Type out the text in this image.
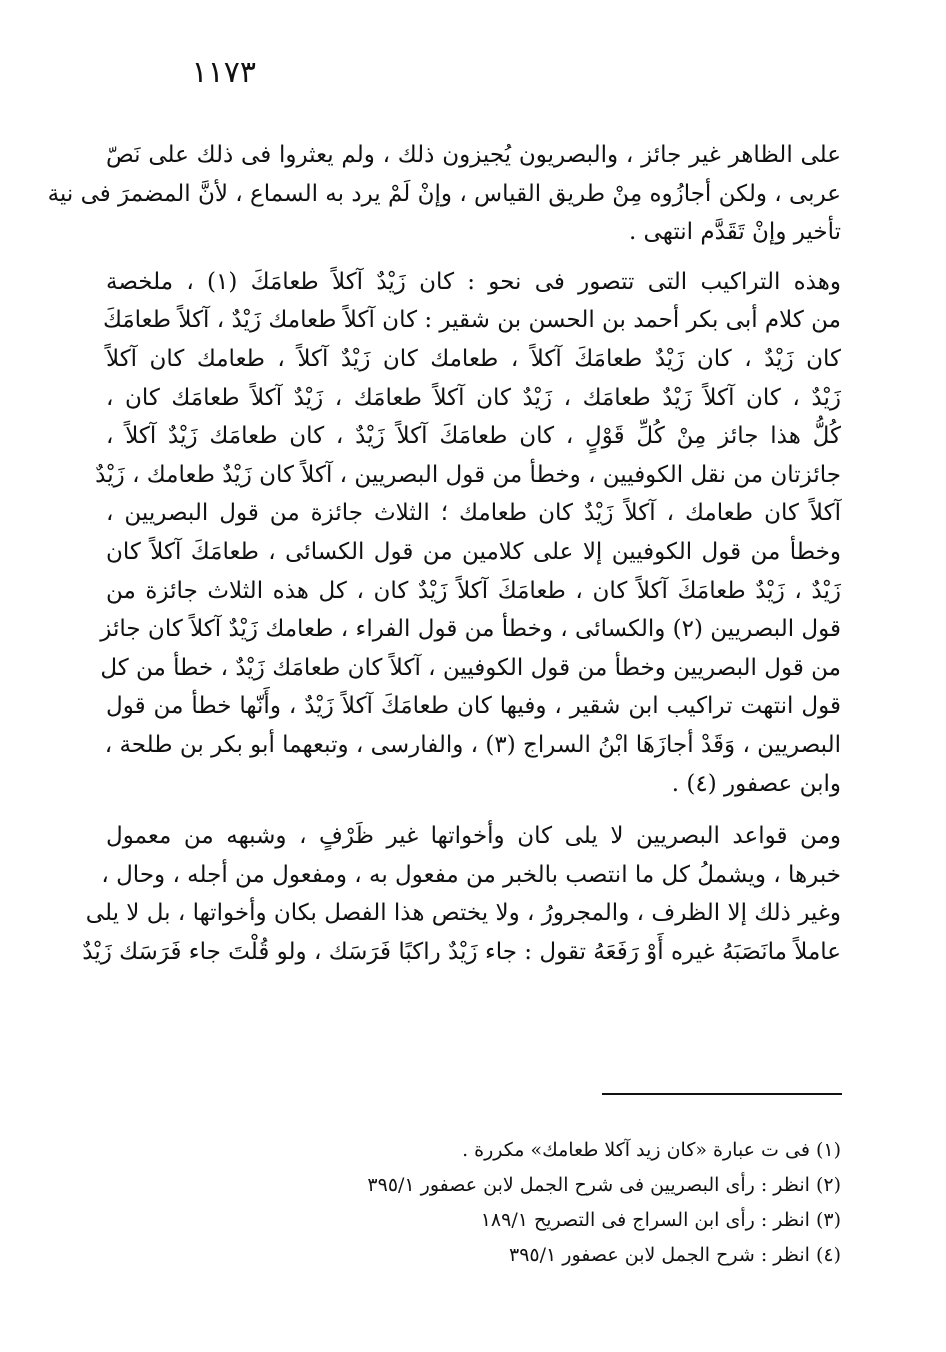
١١٧٣

على الظاهر غير جائز ، والبصريون يُجيزون ذلك ، ولم يعثروا فى ذلك على نَصّ
عربى ، ولكن أجازُوه مِنْ طريق القياس ، وإنْ لَمْ يرد به السماع ، لأنَّ المضمرَ فى نية
تأخير وإنْ تَقَدَّم انتهى .

وهذه التراكيب التى تتصور فى نحو : كان زَيْدٌ آكلاً طعامَكَ (١) ، ملخصة
من كلام أبى بكر أحمد بن الحسن بن شقير : كان آكلاً طعامك زَيْدٌ ، آكلاً طعامَكَ
كان زَيْدٌ ، كان زَيْدٌ طعامَكَ آكلاً ، طعامك كان زَيْدٌ آكلاً ، طعامك كان آكلاً
زَيْدٌ ، كان آكلاً زَيْدٌ طعامَك ، زَيْدٌ كان آكلاً طعامَك ، زَيْدٌ آكلاً طعامَك كان ،
كُلُّ هذا جائز مِنْ كُلِّ قَوْلٍ ، كان طعامَكَ آكلاً زَيْدٌ ، كان طعامَك زَيْدٌ آكلاً ،
جائزتان من نقل الكوفيين ، وخطأ من قول البصريين ، آكلاً كان زَيْدٌ طعامك ، زَيْدٌ
آكلاً كان طعامك ، آكلاً زَيْدٌ كان طعامك ؛ الثلاث جائزة من قول البصريين ،
وخطأ من قول الكوفيين إلا على كلامين من قول الكسائى ، طعامَكَ آكلاً كان
زَيْدٌ ، زَيْدٌ طعامَكَ آكلاً كان ، طعامَكَ آكلاً زَيْدٌ كان ، كل هذه الثلاث جائزة من
قول البصريين (٢) والكسائى ، وخطأ من قول الفراء ، طعامك زَيْدٌ آكلاً كان جائز
من قول البصريين وخطأ من قول الكوفيين ، آكلاً كان طعامَك زَيْدٌ ، خطأ من كل
قول انتهت تراكيب ابن شقير ، وفيها كان طعامَكَ آكلاً زَيْدٌ ، وأَنّها خطأ من قول
البصريين ، وَقَدْ أجازَهَا ابْنُ السراج (٣) ، والفارسى ، وتبعهما أبو بكر بن طلحة ،
وابن عصفور (٤) .

ومن قواعد البصريين لا يلى كان وأخواتها غير ظَرْفٍ ، وشبهه من معمول
خبرها ، ويشملُ كل ما انتصب بالخبر من مفعول به ، ومفعول من أجله ، وحال ،
وغير ذلك إلا الظرف ، والمجرورُ ، ولا يختص هذا الفصل بكان وأخواتها ، بل لا يلى
عاملاً مانَصَبَهُ غيره أَوْ رَفَعَهُ تقول : جاء زَيْدٌ راكبًا فَرَسَك ، ولو قُلْتَ جاء فَرَسَك زَيْدٌ

(١) فى ت عبارة «كان زيد آكلا طعامك» مكررة .
(٢) انظر : رأى البصريين فى شرح الجمل لابن عصفور ٣٩٥/١
(٣) انظر : رأى ابن السراج فى التصريح ١٨٩/١
(٤) انظر : شرح الجمل لابن عصفور ٣٩٥/١
